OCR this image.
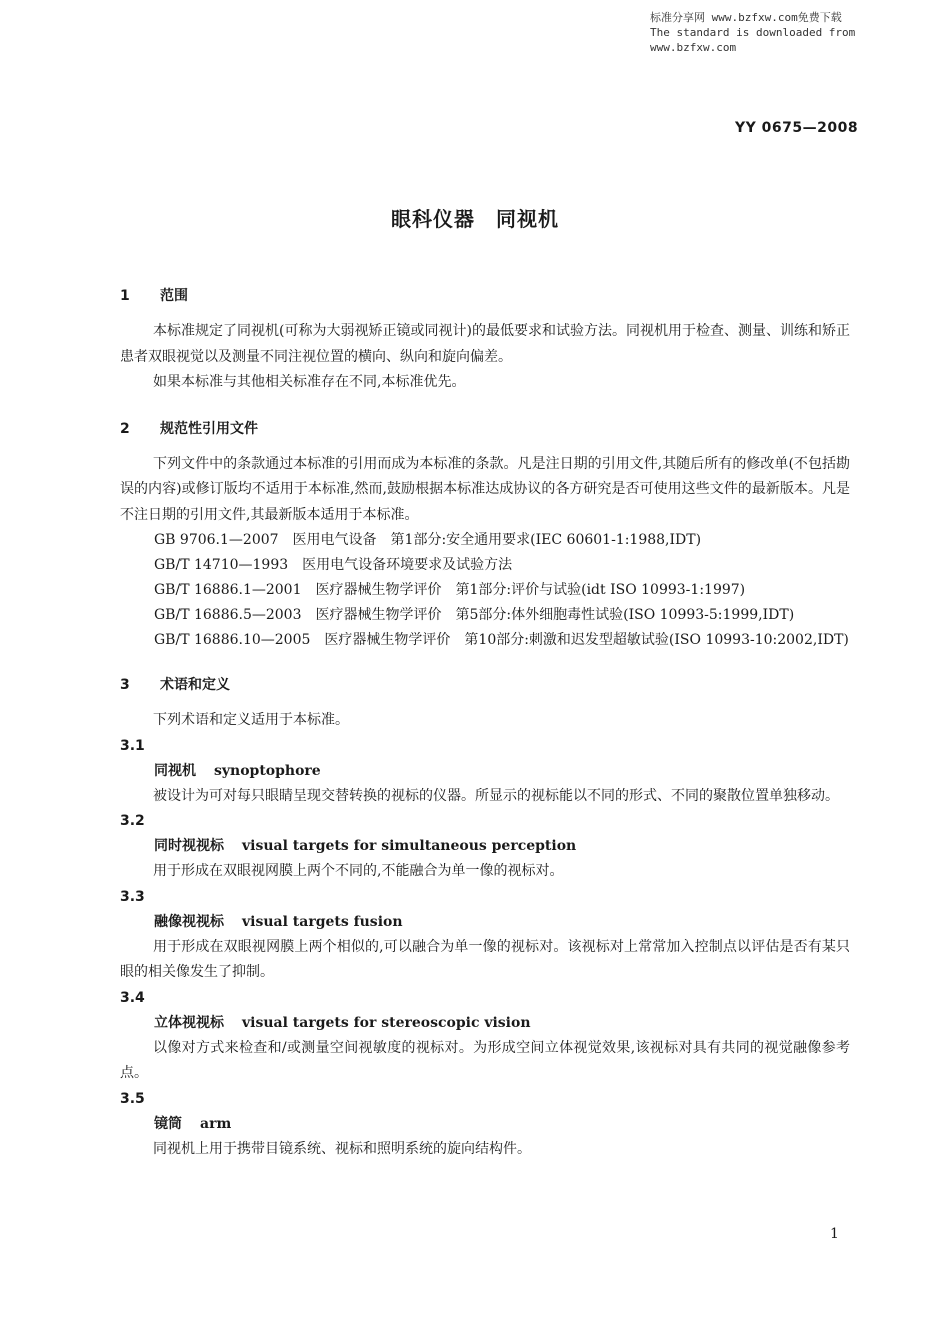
标准分享网 www.bzfxw.com免费下载
The standard is downloaded from www.bzfxw.com
YY 0675—2008
眼科仪器　同视机
1 范围
本标准规定了同视机(可称为大弱视矫正镜或同视计)的最低要求和试验方法。同视机用于检查、测量、训练和矫正患者双眼视觉以及测量不同注视位置的横向、纵向和旋向偏差。
如果本标准与其他相关标准存在不同,本标准优先。
2 规范性引用文件
下列文件中的条款通过本标准的引用而成为本标准的条款。凡是注日期的引用文件,其随后所有的修改单(不包括勘误的内容)或修订版均不适用于本标准,然而,鼓励根据本标准达成协议的各方研究是否可使用这些文件的最新版本。凡是不注日期的引用文件,其最新版本适用于本标准。
GB 9706.1—2007　医用电气设备　第1部分:安全通用要求(IEC 60601-1:1988,IDT)
GB/T 14710—1993　医用电气设备环境要求及试验方法
GB/T 16886.1—2001　医疗器械生物学评价　第1部分:评价与试验(idt ISO 10993-1:1997)
GB/T 16886.5—2003　医疗器械生物学评价　第5部分:体外细胞毒性试验(ISO 10993-5:1999,IDT)
GB/T 16886.10—2005　医疗器械生物学评价　第10部分:刺激和迟发型超敏试验(ISO 10993-10:2002,IDT)
3 术语和定义
下列术语和定义适用于本标准。
3.1
同视机 synoptophore
被设计为可对每只眼睛呈现交替转换的视标的仪器。所显示的视标能以不同的形式、不同的聚散位置单独移动。
3.2
同时视视标 visual targets for simultaneous perception
用于形成在双眼视网膜上两个不同的,不能融合为单一像的视标对。
3.3
融像视视标 visual targets fusion
用于形成在双眼视网膜上两个相似的,可以融合为单一像的视标对。该视标对上常常加入控制点以评估是否有某只眼的相关像发生了抑制。
3.4
立体视视标 visual targets for stereoscopic vision
以像对方式来检查和/或测量空间视敏度的视标对。为形成空间立体视觉效果,该视标对具有共同的视觉融像参考点。
3.5
镜筒 arm
同视机上用于携带目镜系统、视标和照明系统的旋向结构件。
1
